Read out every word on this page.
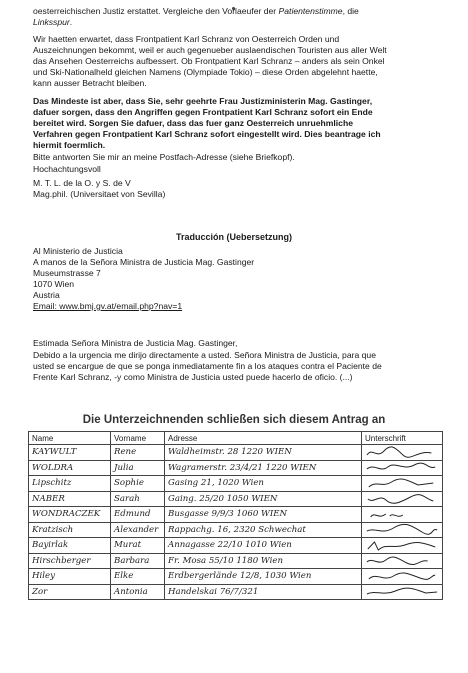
oesterreichischen Justiz erstattet. Vergleiche den Vorlaeufer der Patientenstimme, die
Linksspur.

Wir haetten erwartet, dass Frontpatient Karl Schranz von Oesterreich Orden und
Auszeichnungen bekommt, weil er auch gegenueber auslaendischen Touristen aus aller Welt
das Ansehen Oesterreichs aufbessert. Ob Frontpatient Karl Schranz – anders als sein Onkel
und Ski-Nationalheld gleichen Namens (Olympiade Tokio) – diese Orden abgelehnt haette,
kann ausser Betracht bleiben.

Das Mindeste ist aber, dass Sie, sehr geehrte Frau Justizministerin Mag. Gastinger,
dafuer sorgen, dass den Angriffen gegen Frontpatient Karl Schranz sofort ein Ende
bereitet wird. Sorgen Sie dafuer, dass das fuer ganz Oesterreich unruehmliche
Verfahren gegen Frontpatient Karl Schranz sofort eingestellt wird. Dies beantrage ich
hiermit foermlich.

Bitte antworten Sie mir an meine Postfach-Adresse (siehe Briefkopf).

Hochachtungsvoll

M. T. L. de la O. y S. de V

Mag.phil. (Universitaet von Sevilla)

Traducción (Uebersetzung)

Al Ministerio de Justicia
A manos de la Señora Ministra de Justicia Mag. Gastinger
Museumstrasse 7
1070 Wien
Austria
Email: www.bmj.gv.at/email.php?nav=1

Estimada Señora Ministra de Justicia Mag. Gastinger,

Debido a la urgencia me dirijo directamente a usted. Señora Ministra de Justicia, para que
usted se encargue de que se ponga inmediatamente fin a los ataques contra el Paciente de
Frente Karl Schranz, -y como Ministra de Justicia usted puede hacerlo de oficio. (...)

Die Unterzeichnenden schließen sich diesem Antrag an
Name	Vorname	Adresse	Unterschrift
KAYWULT	Rene	Waldheimstr. 28 1220 WIEN	

WOLDRA	Julia	Wagramerstr. 23/4/21 1220 WIEN	

Lipschitz	Sophie	Gasing 21, 1020 Wien	

NABER	Sarah	Gaing. 25/20 1050 WIEN	

WONDRACZEK	Edmund	Busgasse 9/9/3 1060 WIEN	

Kratzisch	Alexander	Rappachg. 16, 2320 Schwechat	

Bayirlak	Murat	Annagasse 22/10 1010 Wien	

Hirschberger	Barbara	Fr. Mosa 55/10 1180 Wien	

Hiley	Elke	Erdbergerlände 12/8, 1030 Wien	

Zor	Antonia	Handelskai 76/7/321	
